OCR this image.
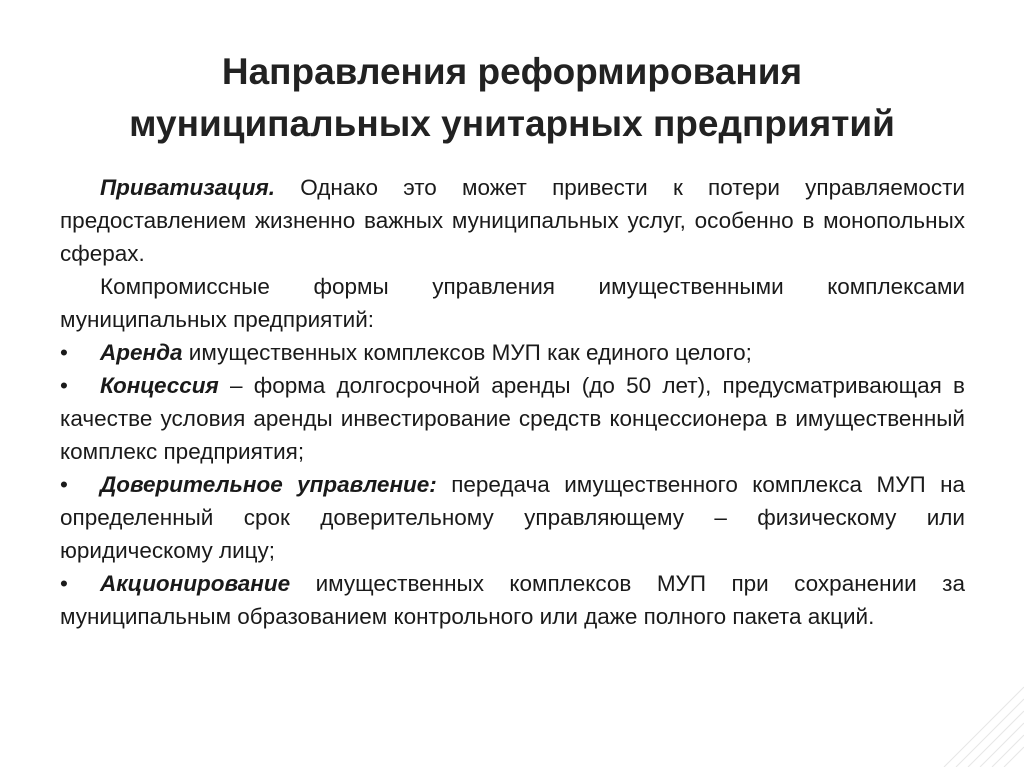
Направления реформирования
муниципальных унитарных предприятий

Приватизация. Однако это может привести к потери управляемости предоставлением жизненно важных муниципальных услуг, особенно в монопольных сферах.

Компромиссные формы управления имущественными комплексами муниципальных предприятий:

•	Аренда имущественных комплексов МУП как единого целого;
•	Концессия – форма долгосрочной аренды (до 50 лет), предусматривающая в качестве условия аренды инвестирование средств концессионера в имущественный комплекс предприятия;
•	Доверительное управление: передача имущественного комплекса МУП на определенный срок доверительному управляющему – физическому или юридическому лицу;
•	Акционирование имущественных комплексов МУП при сохранении за муниципальным образованием контрольного или даже полного пакета акций.
